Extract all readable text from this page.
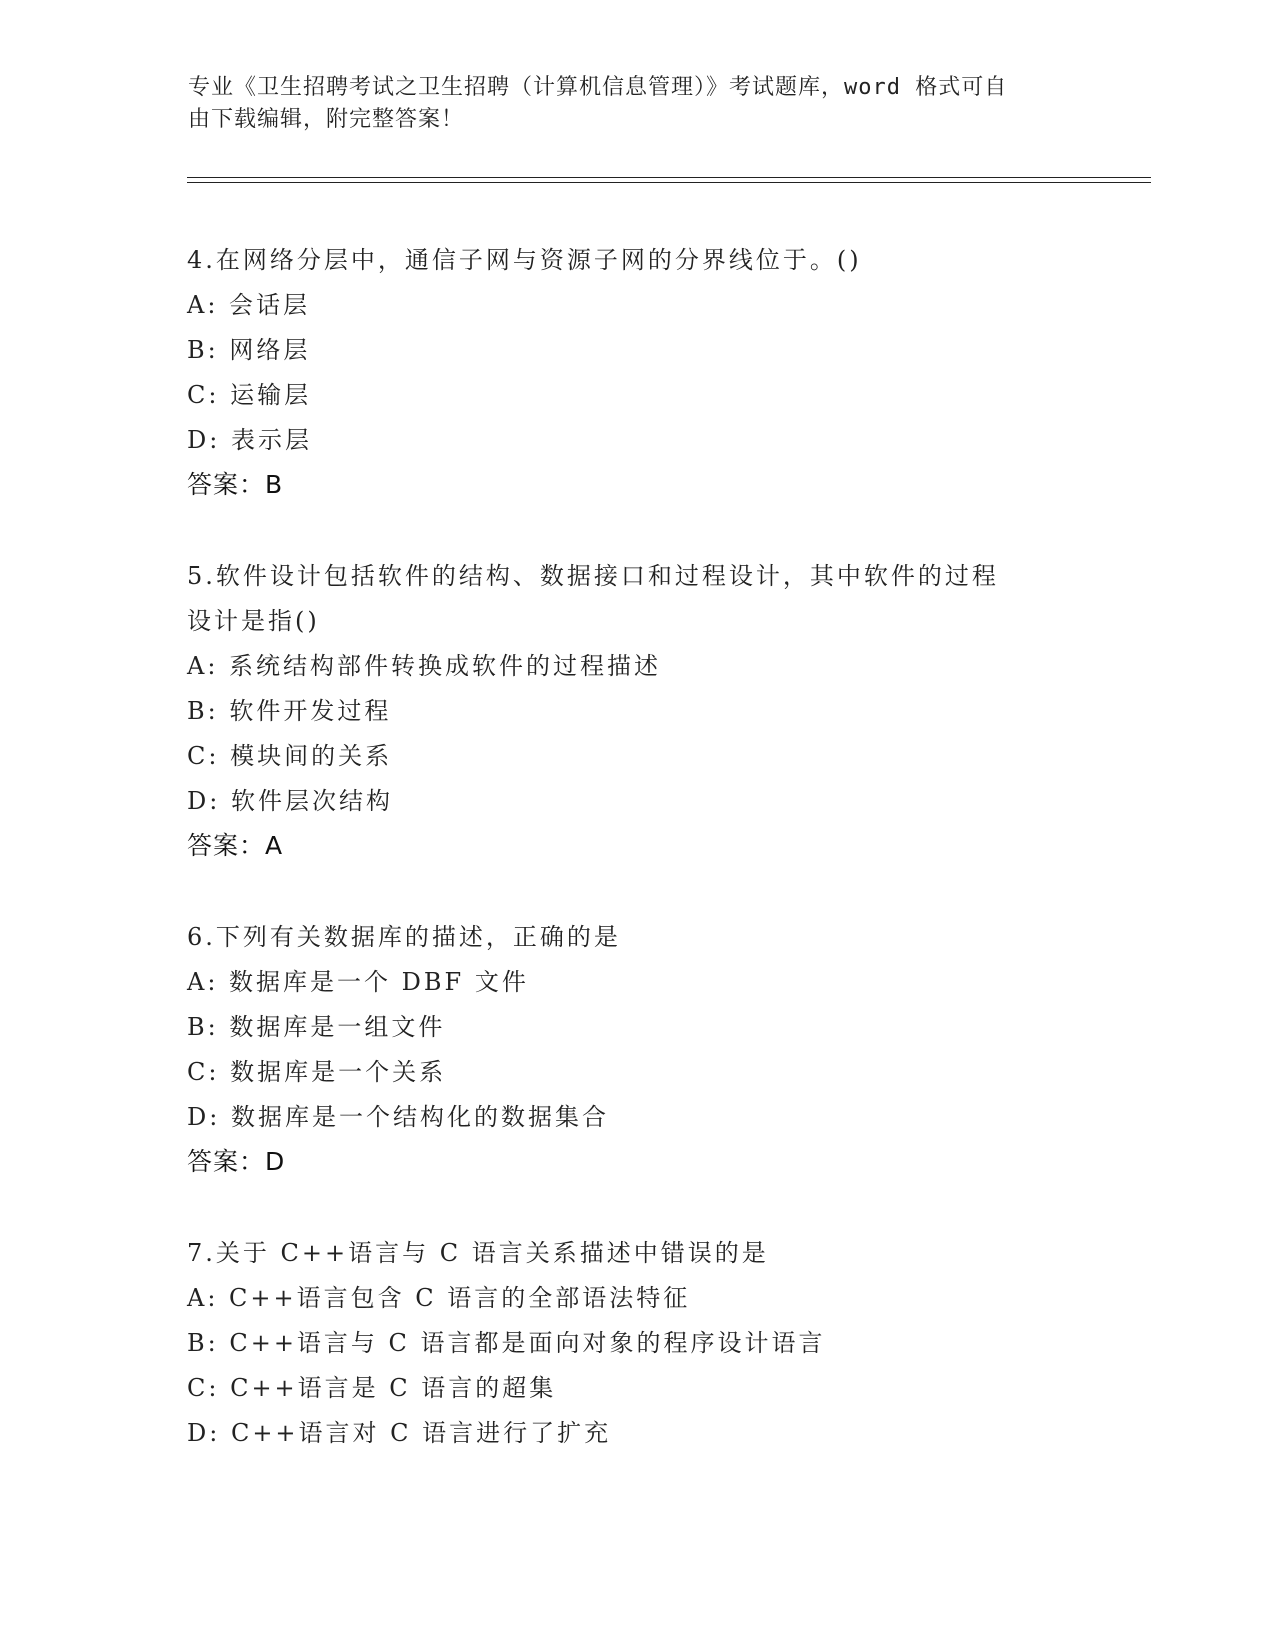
专业《卫生招聘考试之卫生招聘（计算机信息管理）》考试题库，word 格式可自
由下载编辑，附完整答案！
4.在网络分层中，通信子网与资源子网的分界线位于。()
A: 会话层
B: 网络层
C: 运输层
D: 表示层
答案：B
5.软件设计包括软件的结构、数据接口和过程设计，其中软件的过程
设计是指()
A: 系统结构部件转换成软件的过程描述
B: 软件开发过程
C: 模块间的关系
D: 软件层次结构
答案：A
6.下列有关数据库的描述，正确的是
A: 数据库是一个 DBF 文件
B: 数据库是一组文件
C: 数据库是一个关系
D: 数据库是一个结构化的数据集合
答案：D
7.关于 C++语言与 C 语言关系描述中错误的是
A: C++语言包含 C 语言的全部语法特征
B: C++语言与 C 语言都是面向对象的程序设计语言
C: C++语言是 C 语言的超集
D: C++语言对 C 语言进行了扩充
